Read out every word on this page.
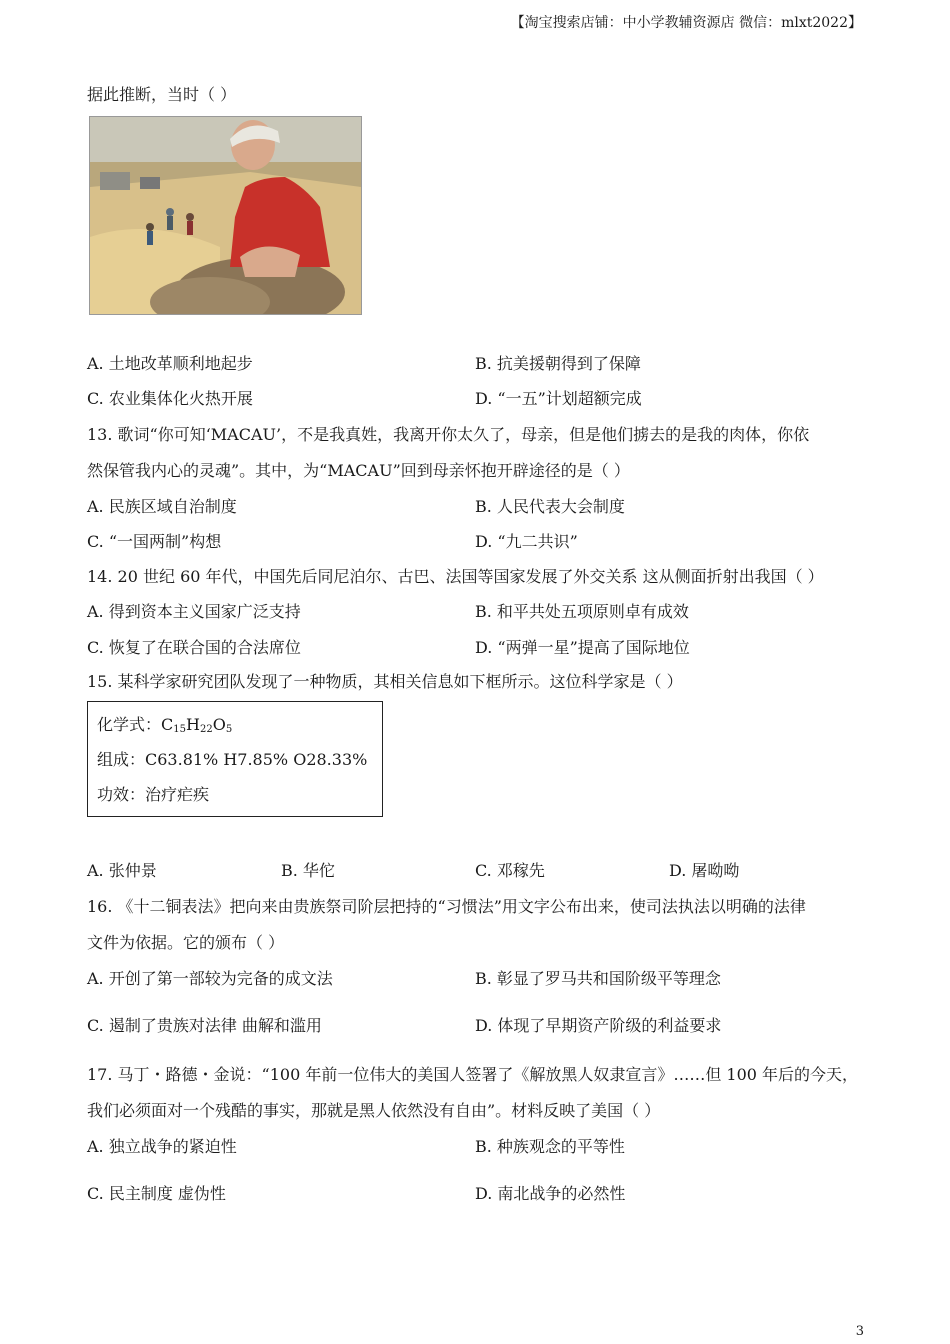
【淘宝搜索店铺：中小学教辅资源店 微信：mlxt2022】
据此推断，当时（ ）
A. 土地改革顺利地起步	B. 抗美援朝得到了保障
C. 农业集体化火热开展	D. “一五”计划超额完成
13. 歌词“你可知‘MACAU’，不是我真姓，我离开你太久了，母亲，但是他们掳去的是我的肉体，你依
然保管我内心的灵魂”。其中，为“MACAU”回到母亲怀抱开辟途径的是（ ）
A. 民族区域自治制度	B. 人民代表大会制度
C. “一国两制”构想	D. “九二共识”
14. 20 世纪 60 年代，中国先后同尼泊尔、古巴、法国等国家发展了外交关系 这从侧面折射出我国（ ）
A. 得到资本主义国家广泛支持	B. 和平共处五项原则卓有成效
C. 恢复了在联合国的合法席位	D. “两弹一星”提高了国际地位
15. 某科学家研究团队发现了一种物质，其相关信息如下框所示。这位科学家是（ ）
化学式：$C_{15}H_{22}O_5$
组成：C63.81% H7.85% O28.33%
功效：治疗疟疾
A. 张仲景	B. 华佗	C. 邓稼先	D. 屠呦呦
16. 《十二铜表法》把向来由贵族祭司阶层把持的“习惯法”用文字公布出来，使司法执法以明确的法律
文件为依据。它的颁布（ ）
A. 开创了第一部较为完备的成文法	B. 彰显了罗马共和国阶级平等理念
C. 遏制了贵族对法律 曲解和滥用	D. 体现了早期资产阶级的利益要求
17. 马丁・路德・金说：“100 年前一位伟大的美国人签署了《解放黑人奴隶宣言》……但 100 年后的今天，
我们必须面对一个残酷的事实，那就是黑人依然没有自由”。材料反映了美国（ ）
A. 独立战争的紧迫性	B. 种族观念的平等性
C. 民主制度 虚伪性	D. 南北战争的必然性
3
